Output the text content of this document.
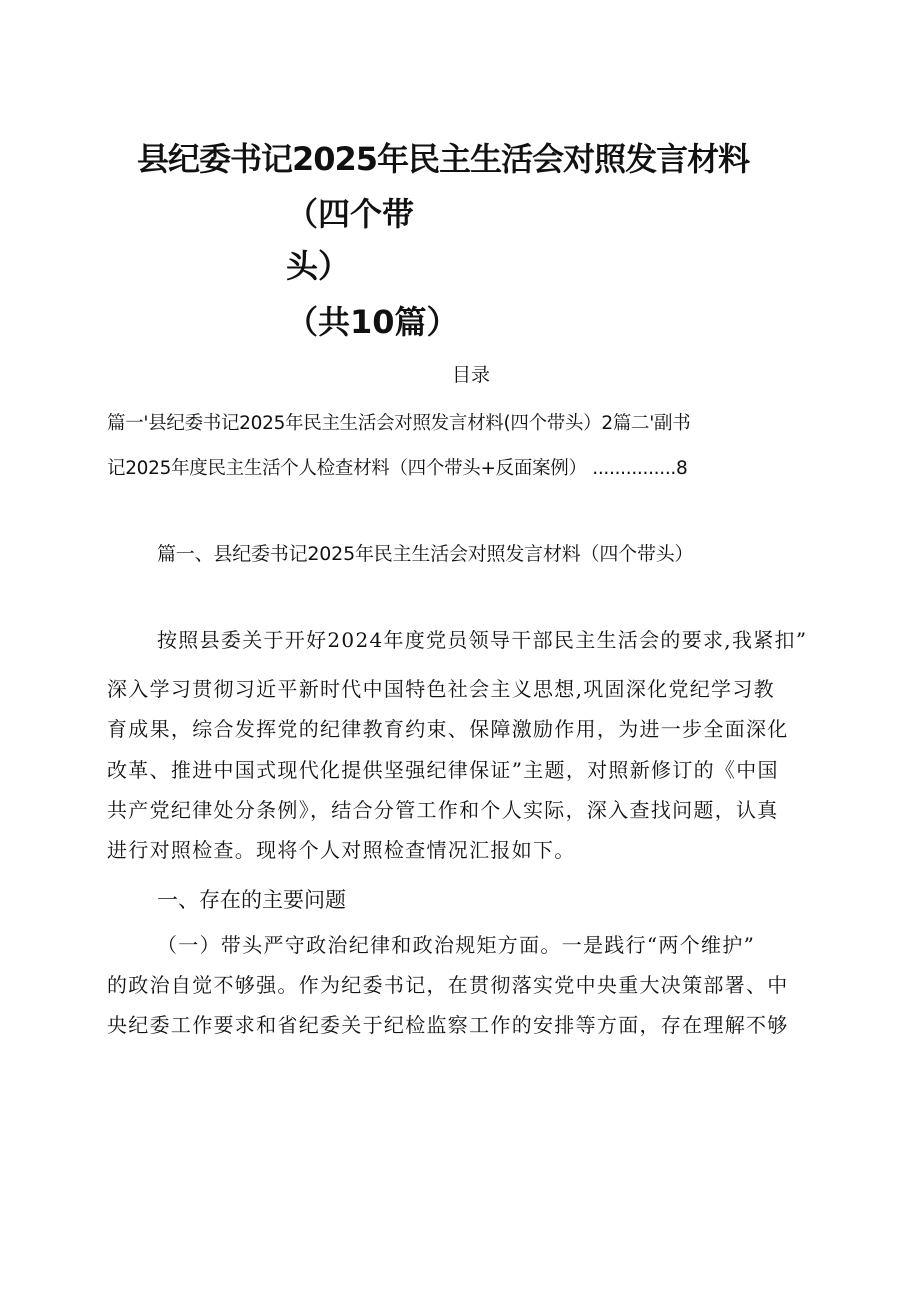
县纪委书记2025年民主生活会对照发言材料
（四个带
头）
（共10篇）
目录
篇一'县纪委书记2025年民主生活会对照发言材料(四个带头）2篇二'副书
记2025年度民主生活个人检查材料（四个带头+反面案例） ...............8
篇一、县纪委书记2025年民主生活会对照发言材料（四个带头）
按照县委关于开好2024年度党员领导干部民主生活会的要求,我紧扣”
深入学习贯彻习近平新时代中国特色社会主义思想,巩固深化党纪学习教
育成果，综合发挥党的纪律教育约束、保障激励作用，为进一步全面深化
改革、推进中国式现代化提供坚强纪律保证”主题，对照新修订的《中国
共产党纪律处分条例》，结合分管工作和个人实际，深入查找问题，认真
进行对照检查。现将个人对照检查情况汇报如下。
一、存在的主要问题
（一）带头严守政治纪律和政治规矩方面。一是践行“两个维护”
的政治自觉不够强。作为纪委书记，在贯彻落实党中央重大决策部署、中
央纪委工作要求和省纪委关于纪检监察工作的安排等方面，存在理解不够
